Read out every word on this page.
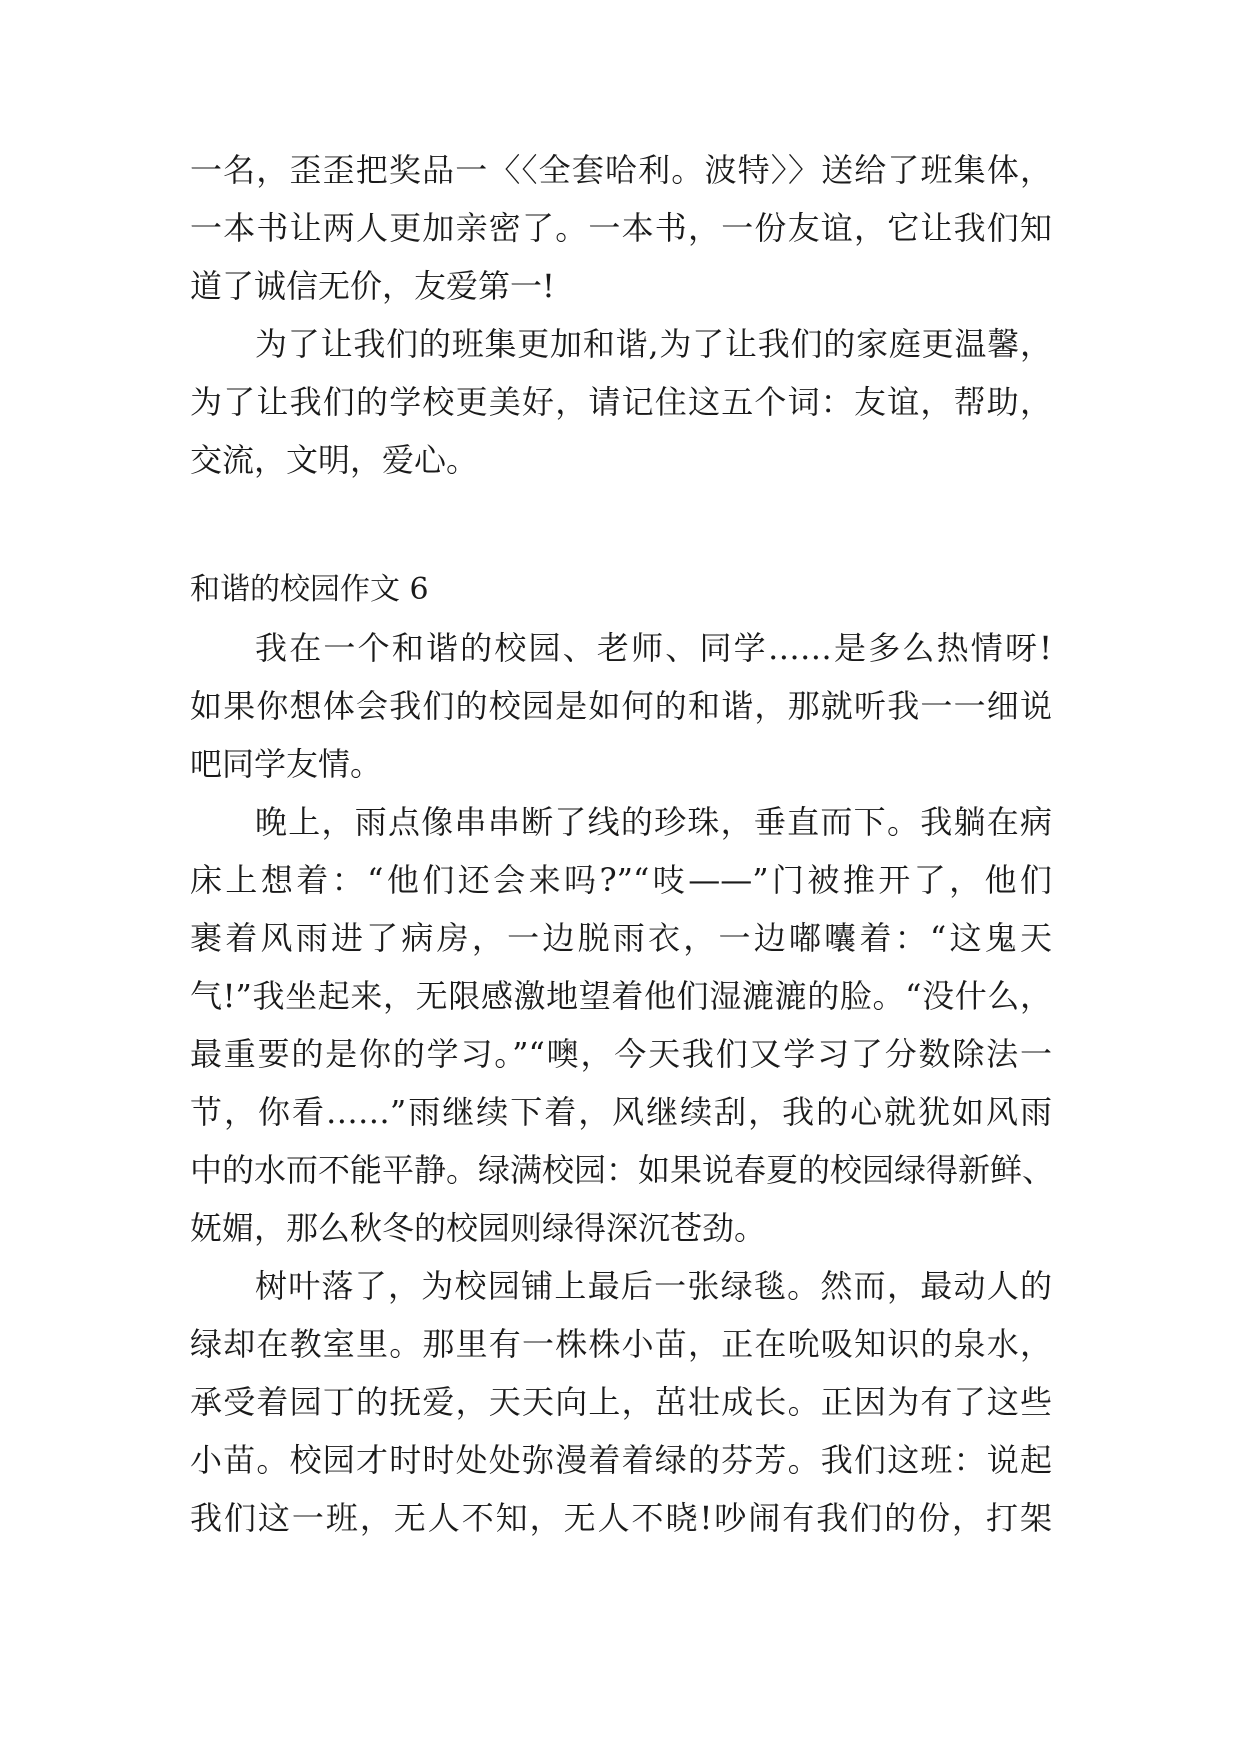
一名，歪歪把奖品一〈〈全套哈利。波特〉〉送给了班集体，
一本书让两人更加亲密了。一本书，一份友谊，它让我们知
道了诚信无价，友爱第一!
为了让我们的班集更加和谐,为了让我们的家庭更温馨，
为了让我们的学校更美好，请记住这五个词：友谊，帮助，
交流，文明，爱心。
和谐的校园作文 6
我在一个和谐的校园、老师、同学……是多么热情呀!
如果你想体会我们的校园是如何的和谐，那就听我一一细说
吧同学友情。
晚上，雨点像串串断了线的珍珠，垂直而下。我躺在病
床上想着：“他们还会来吗?”“吱——”门被推开了，他们
裹着风雨进了病房，一边脱雨衣，一边嘟囔着：“这鬼天
气!”我坐起来，无限感激地望着他们湿漉漉的脸。“没什么，
最重要的是你的学习。”“噢，今天我们又学习了分数除法一
节，你看……”雨继续下着，风继续刮，我的心就犹如风雨
中的水而不能平静。绿满校园：如果说春夏的校园绿得新鲜、
妩媚，那么秋冬的校园则绿得深沉苍劲。
树叶落了，为校园铺上最后一张绿毯。然而，最动人的
绿却在教室里。那里有一株株小苗，正在吮吸知识的泉水，
承受着园丁的抚爱，天天向上，茁壮成长。正因为有了这些
小苗。校园才时时处处弥漫着着绿的芬芳。我们这班：说起
我们这一班，无人不知，无人不晓!吵闹有我们的份，打架
